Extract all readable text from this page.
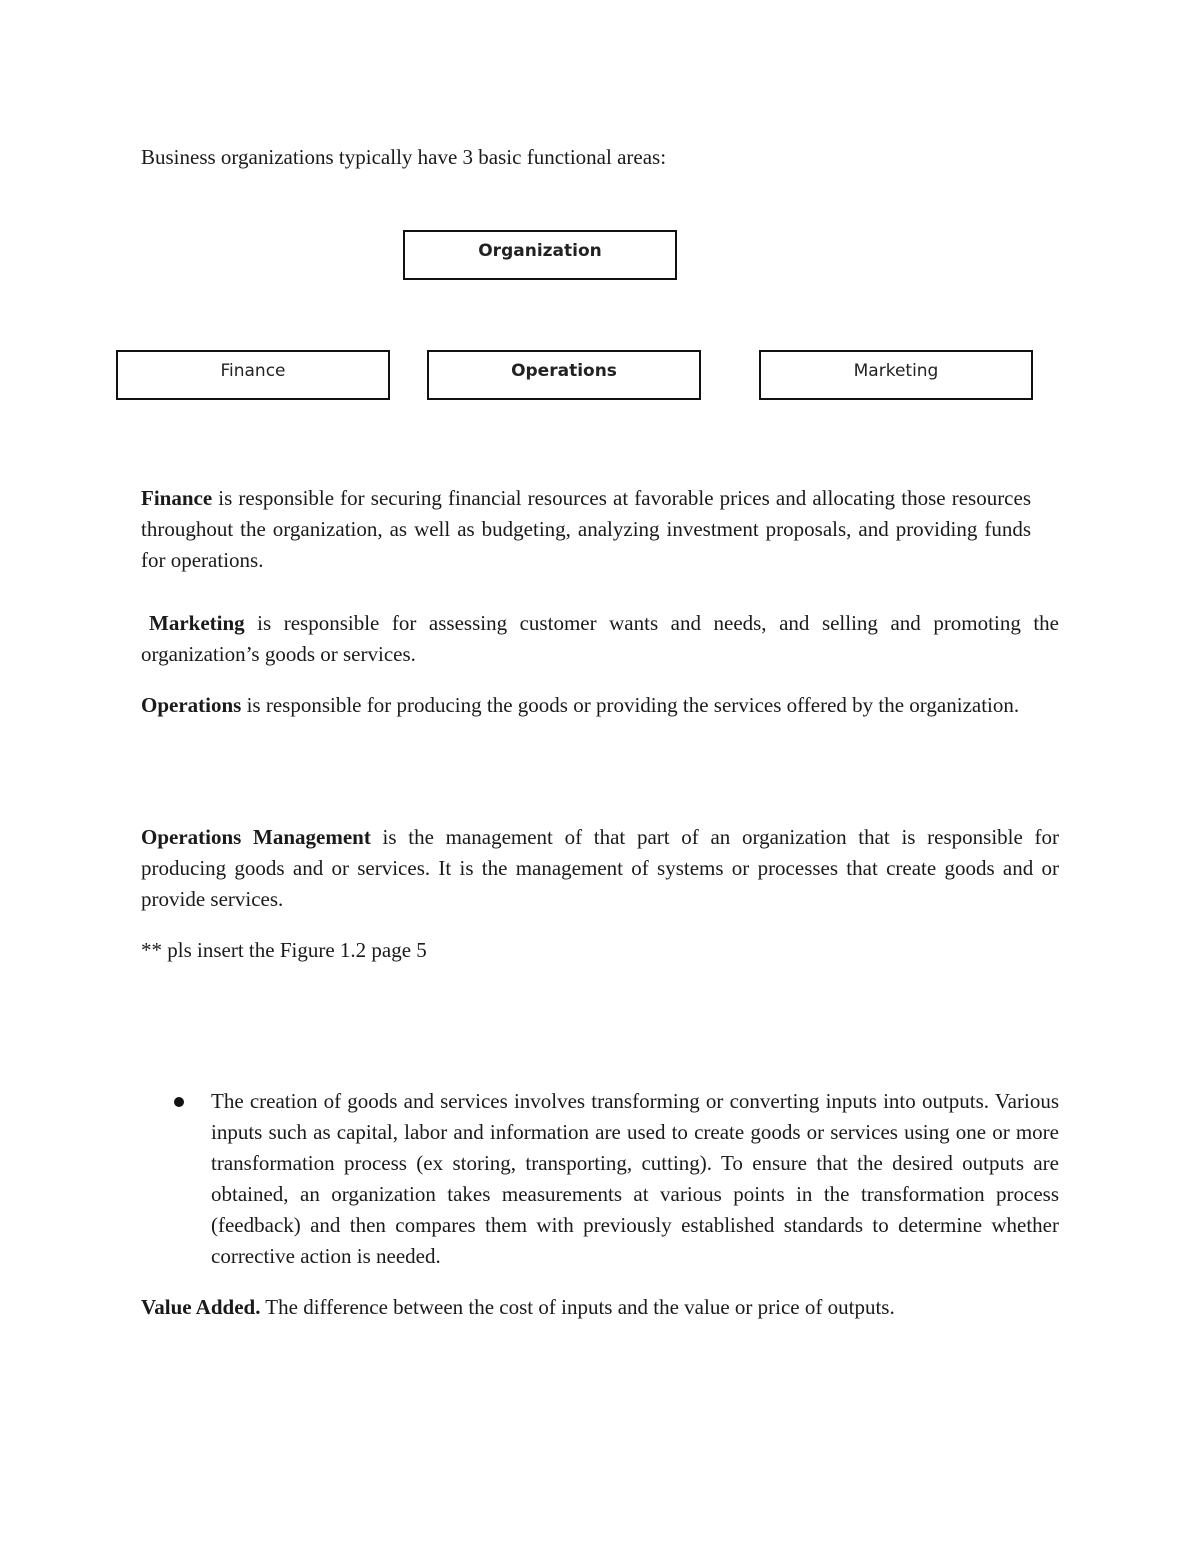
Business organizations typically have 3 basic functional areas:

Organization
Finance	Operations	Marketing

Finance is responsible for securing financial resources at favorable prices and allocating those resources throughout the organization, as well as budgeting, analyzing investment proposals, and providing funds for operations.

Marketing is responsible for assessing customer wants and needs, and selling and promoting the organization’s goods or services.

Operations is responsible for producing the goods or providing the services offered by the organization.

Operations Management is the management of that part of an organization that is responsible for producing goods and or services. It is the management of systems or processes that create goods and or provide services.

** pls insert the Figure 1.2 page 5

The creation of goods and services involves transforming or converting inputs into outputs. Various inputs such as capital, labor and information are used to create goods or services using one or more transformation process (ex storing, transporting, cutting). To ensure that the desired outputs are obtained, an organization takes measurements at various points in the transformation process (feedback) and then compares them with previously established standards to determine whether corrective action is needed.

Value Added. The difference between the cost of inputs and the value or price of outputs.
